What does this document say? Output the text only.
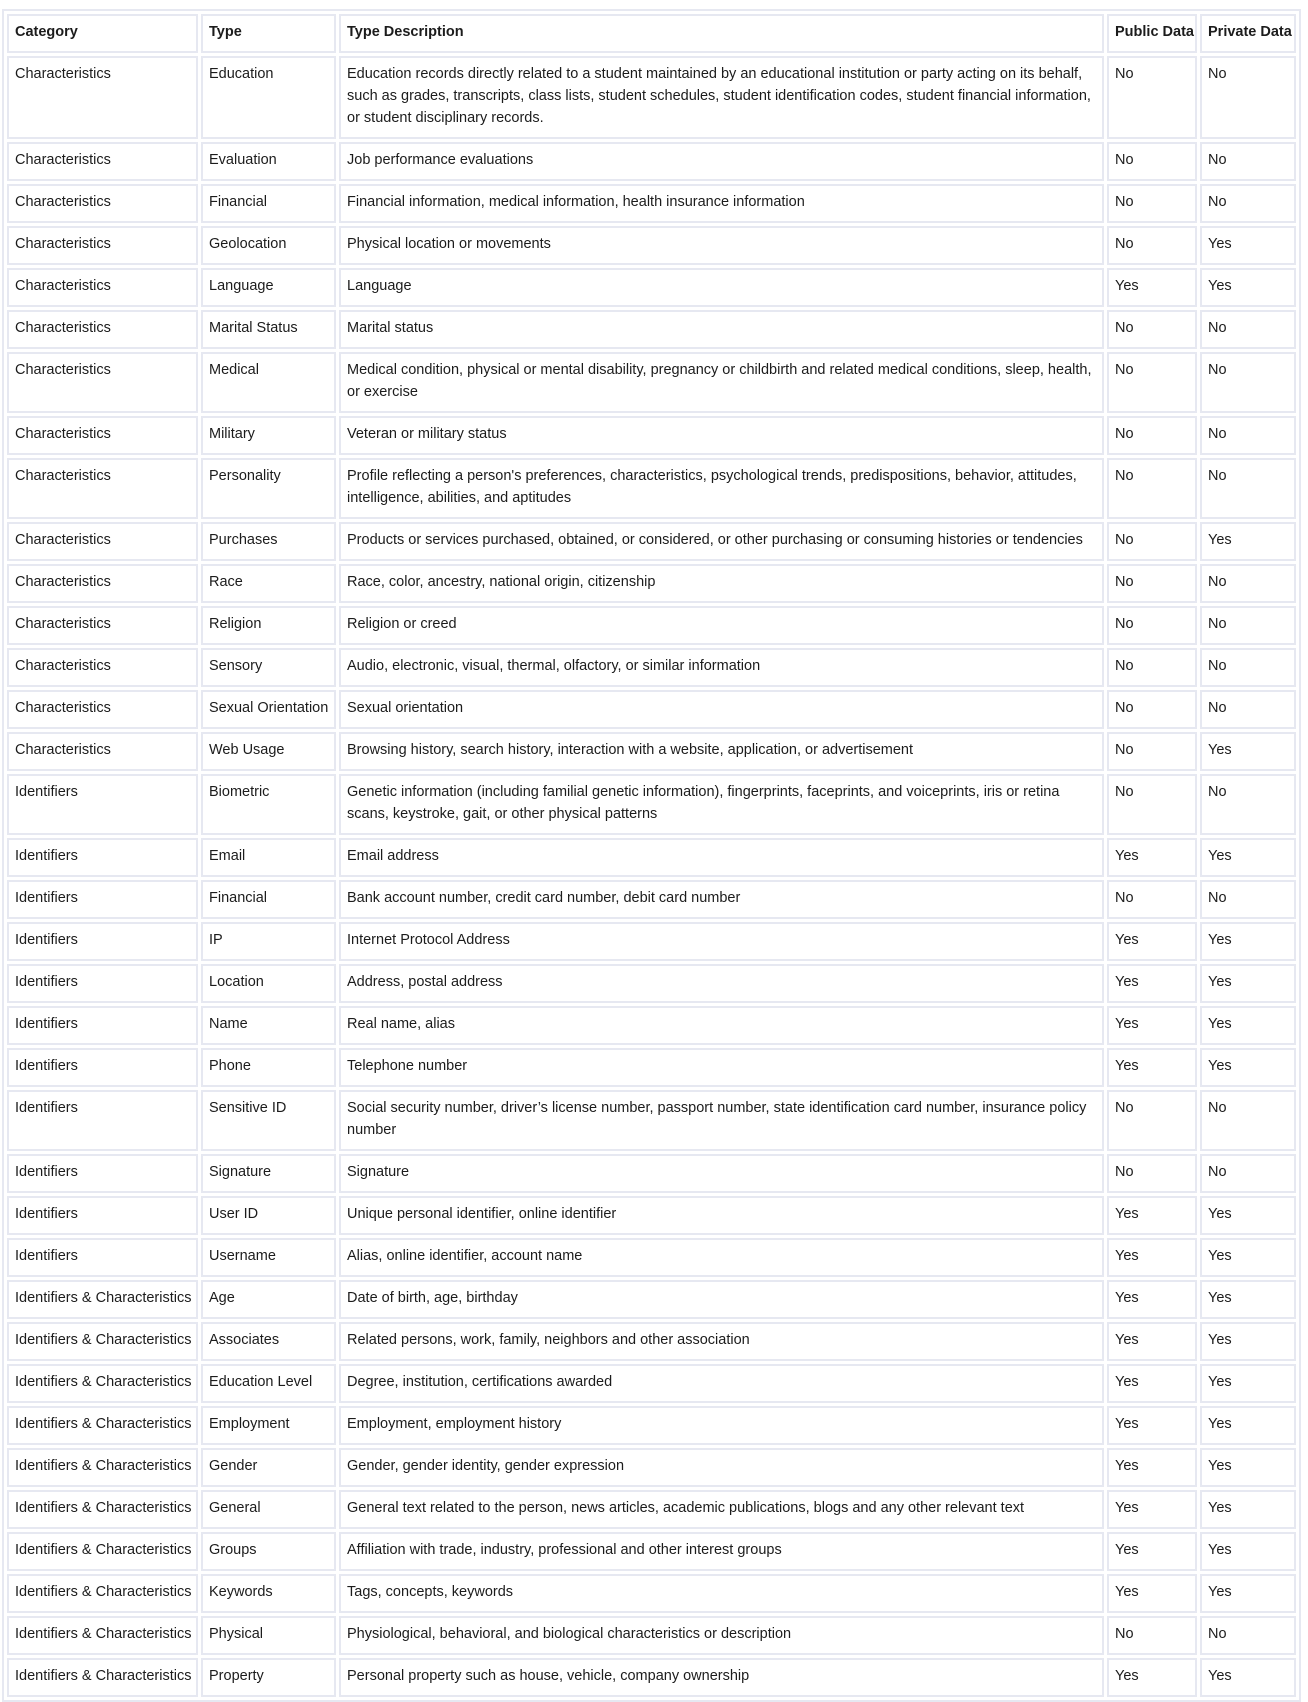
Category	Type	Type Description	Public Data	Private Data
Characteristics	Education	Education records directly related to a student maintained by an educational institution or party acting on its behalf, such as grades, transcripts, class lists, student schedules, student identification codes, student financial information, or student disciplinary records.	No	No
Characteristics	Evaluation	Job performance evaluations	No	No
Characteristics	Financial	Financial information, medical information, health insurance information	No	No
Characteristics	Geolocation	Physical location or movements	No	Yes
Characteristics	Language	Language	Yes	Yes
Characteristics	Marital Status	Marital status	No	No
Characteristics	Medical	Medical condition, physical or mental disability, pregnancy or childbirth and related medical conditions, sleep, health, or exercise	No	No
Characteristics	Military	Veteran or military status	No	No
Characteristics	Personality	Profile reflecting a person's preferences, characteristics, psychological trends, predispositions, behavior, attitudes, intelligence, abilities, and aptitudes	No	No
Characteristics	Purchases	Products or services purchased, obtained, or considered, or other purchasing or consuming histories or tendencies	No	Yes
Characteristics	Race	Race, color, ancestry, national origin, citizenship	No	No
Characteristics	Religion	Religion or creed	No	No
Characteristics	Sensory	Audio, electronic, visual, thermal, olfactory, or similar information	No	No
Characteristics	Sexual Orientation	Sexual orientation	No	No
Characteristics	Web Usage	Browsing history, search history, interaction with a website, application, or advertisement	No	Yes
Identifiers	Biometric	Genetic information (including familial genetic information), fingerprints, faceprints, and voiceprints, iris or retina scans, keystroke, gait, or other physical patterns	No	No
Identifiers	Email	Email address	Yes	Yes
Identifiers	Financial	Bank account number, credit card number, debit card number	No	No
Identifiers	IP	Internet Protocol Address	Yes	Yes
Identifiers	Location	Address, postal address	Yes	Yes
Identifiers	Name	Real name, alias	Yes	Yes
Identifiers	Phone	Telephone number	Yes	Yes
Identifiers	Sensitive ID	Social security number, driver’s license number, passport number, state identification card number, insurance policy number	No	No
Identifiers	Signature	Signature	No	No
Identifiers	User ID	Unique personal identifier, online identifier	Yes	Yes
Identifiers	Username	Alias, online identifier, account name	Yes	Yes
Identifiers & Characteristics	Age	Date of birth, age, birthday	Yes	Yes
Identifiers & Characteristics	Associates	Related persons, work, family, neighbors and other association	Yes	Yes
Identifiers & Characteristics	Education Level	Degree, institution, certifications awarded	Yes	Yes
Identifiers & Characteristics	Employment	Employment, employment history	Yes	Yes
Identifiers & Characteristics	Gender	Gender, gender identity, gender expression	Yes	Yes
Identifiers & Characteristics	General	General text related to the person, news articles, academic publications, blogs and any other relevant text	Yes	Yes
Identifiers & Characteristics	Groups	Affiliation with trade, industry, professional and other interest groups	Yes	Yes
Identifiers & Characteristics	Keywords	Tags, concepts, keywords	Yes	Yes
Identifiers & Characteristics	Physical	Physiological, behavioral, and biological characteristics or description	No	No
Identifiers & Characteristics	Property	Personal property such as house, vehicle, company ownership	Yes	Yes
